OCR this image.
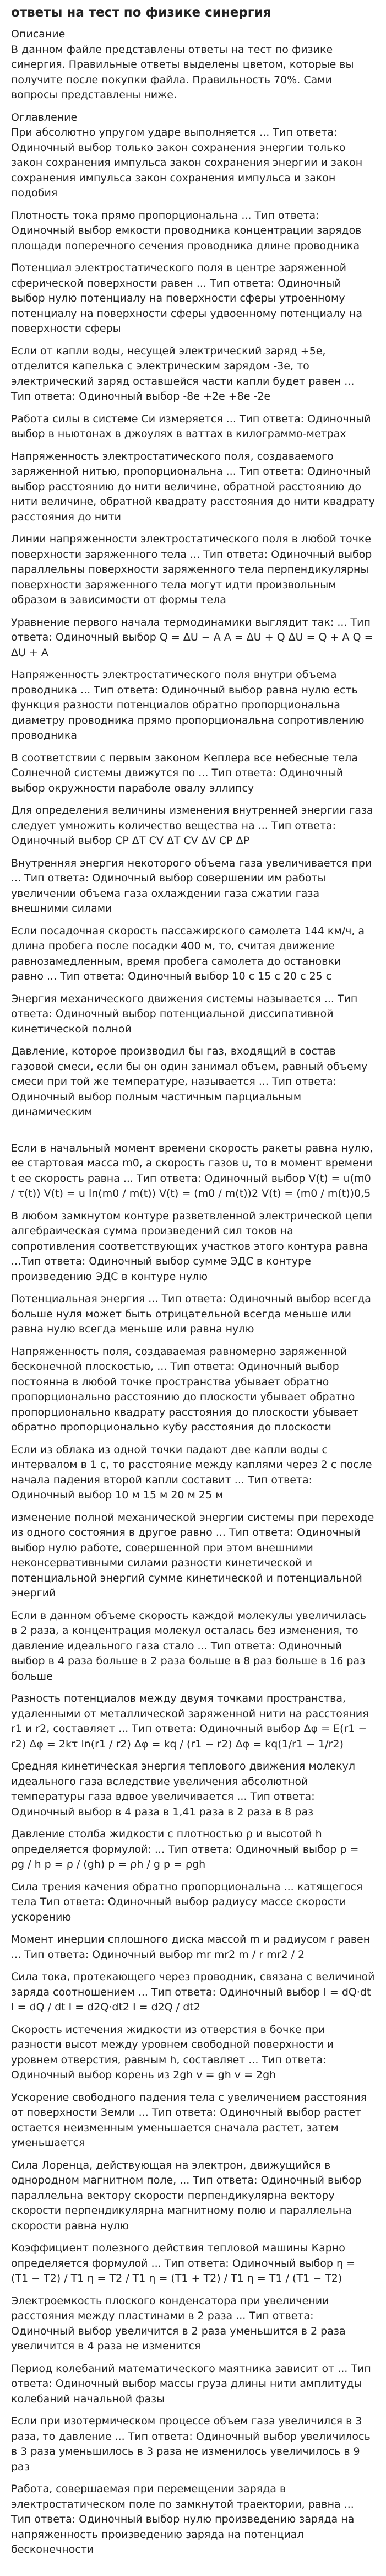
ответы на тест по физике синергия
Описание
В данном файле представлены ответы на тест по физике синергия. Правильные ответы выделены цветом, которые вы получите после покупки файла. Правильность 70%. Сами вопросы представлены ниже.
Оглавление
При абсолютно упругом ударе выполняется ... Тип ответа: Одиночный выбор только закон сохранения энергии только закон сохранения импульса закон сохранения энергии и закон сохранения импульса закон сохранения импульса и закон подобия
Плотность тока прямо пропорциональна ... Тип ответа: Одиночный выбор емкости проводника концентрации зарядов площади поперечного сечения проводника длине проводника
Потенциал электростатического поля в центре заряженной сферической поверхности равен ... Тип ответа: Одиночный выбор нулю потенциалу на поверхности сферы утроенному потенциалу на поверхности сферы удвоенному потенциалу на поверхности сферы
Если от капли воды, несущей электрический заряд +5е, отделится капелька с электрическим зарядом -3е, то электрический заряд оставшейся части капли будет равен ... Тип ответа: Одиночный выбор -8е +2е +8е -2е
Работа силы в системе Си измеряется ... Тип ответа: Одиночный выбор в ньютонах в джоулях в ваттах в килограммо-метрах
Напряженность электростатического поля, создаваемого заряженной нитью, пропорциональна ... Тип ответа: Одиночный выбор расстоянию до нити величине, обратной расстоянию до нити величине, обратной квадрату расстояния до нити квадрату расстояния до нити
Линии напряженности электростатического поля в любой точке поверхности заряженного тела ... Тип ответа: Одиночный выбор параллельны поверхности заряженного тела перпендикулярны поверхности заряженного тела могут идти произвольным образом в зависимости от формы тела
Уравнение первого начала термодинамики выглядит так: ... Тип ответа: Одиночный выбор Q = ΔU − A A = ΔU + Q ΔU = Q + A Q = ΔU + A
Напряженность электростатического поля внутри объема проводника ... Тип ответа: Одиночный выбор равна нулю есть функция разности потенциалов обратно пропорциональна диаметру проводника прямо пропорциональна сопротивлению проводника
В соответствии с первым законом Кеплера все небесные тела Солнечной системы движутся по ... Тип ответа: Одиночный выбор окружности параболе овалу эллипсу
Для определения величины изменения внутренней энергии газа следует умножить количество вещества на ... Тип ответа: Одиночный выбор CP ΔT CV ΔT CV ΔV CP ΔP
Внутренняя энергия некоторого объема газа увеличивается при ... Тип ответа: Одиночный выбор совершении им работы увеличении объема газа охлаждении газа сжатии газа внешними силами
Если посадочная скорость пассажирского самолета 144 км/ч, а длина пробега после посадки 400 м, то, считая движение равнозамедленным, время пробега самолета до остановки равно ... Тип ответа: Одиночный выбор 10 с 15 с 20 с 25 с
Энергия механического движения системы называется ... Тип ответа: Одиночный выбор потенциальной диссипативной кинетической полной
Давление, которое производил бы газ, входящий в состав газовой смеси, если бы он один занимал объем, равный объему смеси при той же температуре, называется ... Тип ответа: Одиночный выбор полным частичным парциальным динамическим
Если в начальный момент времени скорость ракеты равна нулю, ее стартовая масса m0, а скорость газов u, то в момент времени t ее скорость равна ... Тип ответа: Одиночный выбор V(t) = u(m0 / τ(t)) V(t) = u ln(m0 / m(t)) V(t) = (m0 / m(t))2 V(t) = (m0 / m(t))0,5
В любом замкнутом контуре разветвленной электрической цепи алгебраическая сумма произведений сил токов на сопротивления соответствующих участков этого контура равна ...Тип ответа: Одиночный выбор сумме ЭДС в контуре произведению ЭДС в контуре нулю
Потенциальная энергия ... Тип ответа: Одиночный выбор всегда больше нуля может быть отрицательной всегда меньше или равна нулю всегда меньше или равна нулю
Напряженность поля, создаваемая равномерно заряженной бесконечной плоскостью, ... Тип ответа: Одиночный выбор постоянна в любой точке пространства убывает обратно пропорционально расстоянию до плоскости убывает обратно пропорционально квадрату расстояния до плоскости убывает обратно пропорционально кубу расстояния до плоскости
Если из облака из одной точки падают две капли воды с интервалом в 1 с, то расстояние между каплями через 2 с после начала падения второй капли составит ... Тип ответа: Одиночный выбор 10 м 15 м 20 м 25 м
изменение полной механической энергии системы при переходе из одного состояния в другое равно ... Тип ответа: Одиночный выбор нулю работе, совершенной при этом внешними неконсервативными силами разности кинетической и потенциальной энергий сумме кинетической и потенциальной энергий
Если в данном объеме скорость каждой молекулы увеличилась в 2 раза, а концентрация молекул осталась без изменения, то давление идеального газа стало ... Тип ответа: Одиночный выбор в 4 раза больше в 2 раза больше в 8 раз больше в 16 раз больше
Разность потенциалов между двумя точками пространства, удаленными от металлической заряженной нити на расстояния r1 и r2, составляет ... Тип ответа: Одиночный выбор Δφ = E(r1 − r2) Δφ = 2kτ ln(r1 / r2) Δφ = kq / (r1 − r2) Δφ = kq(1/r1 − 1/r2)
Средняя кинетическая энергия теплового движения молекул идеального газа вследствие увеличения абсолютной температуры газа вдвое увеличивается ... Тип ответа: Одиночный выбор в 4 раза в 1,41 раза в 2 раза в 8 раз
Давление столба жидкости с плотностью ρ и высотой h определяется формулой: ... Тип ответа: Одиночный выбор p = ρg / h p = ρ / (gh) p = ρh / g p = ρgh
Сила трения качения обратно пропорциональна ... катящегося тела Тип ответа: Одиночный выбор радиусу массе скорости ускорению
Момент инерции сплошного диска массой m и радиусом r равен ... Тип ответа: Одиночный выбор mr mr2 m / r mr2 / 2
Сила тока, протекающего через проводник, связана с величиной заряда соотношением ... Тип ответа: Одиночный выбор I = dQ·dt I = dQ / dt I = d2Q·dt2 I = d2Q / dt2
Скорость истечения жидкости из отверстия в бочке при разности высот между уровнем свободной поверхности и уровнем отверстия, равным h, составляет ... Тип ответа: Одиночный выбор корень из 2gh v = gh v = 2gh
Ускорение свободного падения тела с увеличением расстояния от поверхности Земли ... Тип ответа: Одиночный выбор растет остается неизменным уменьшается сначала растет, затем уменьшается
Сила Лоренца, действующая на электрон, движущийся в однородном магнитном поле, ... Тип ответа: Одиночный выбор параллельна вектору скорости перпендикулярна вектору скорости перпендикулярна магнитному полю и параллельна скорости равна нулю
Коэффициент полезного действия тепловой машины Карно определяется формулой ... Тип ответа: Одиночный выбор η = (T1 − T2) / T1 η = T2 / T1 η = (T1 + T2) / T1 η = T1 / (T1 − T2)
Электроемкость плоского конденсатора при увеличении расстояния между пластинами в 2 раза ... Тип ответа: Одиночный выбор увеличится в 2 раза уменьшится в 2 раза увеличится в 4 раза не изменится
Период колебаний математического маятника зависит от ... Тип ответа: Одиночный выбор массы груза длины нити амплитуды колебаний начальной фазы
Если при изотермическом процессе объем газа увеличился в 3 раза, то давление ... Тип ответа: Одиночный выбор увеличилось в 3 раза уменьшилось в 3 раза не изменилось увеличилось в 9 раз
Работа, совершаемая при перемещении заряда в электростатическом поле по замкнутой траектории, равна ... Тип ответа: Одиночный выбор нулю произведению заряда на напряженность произведению заряда на потенциал бесконечности
